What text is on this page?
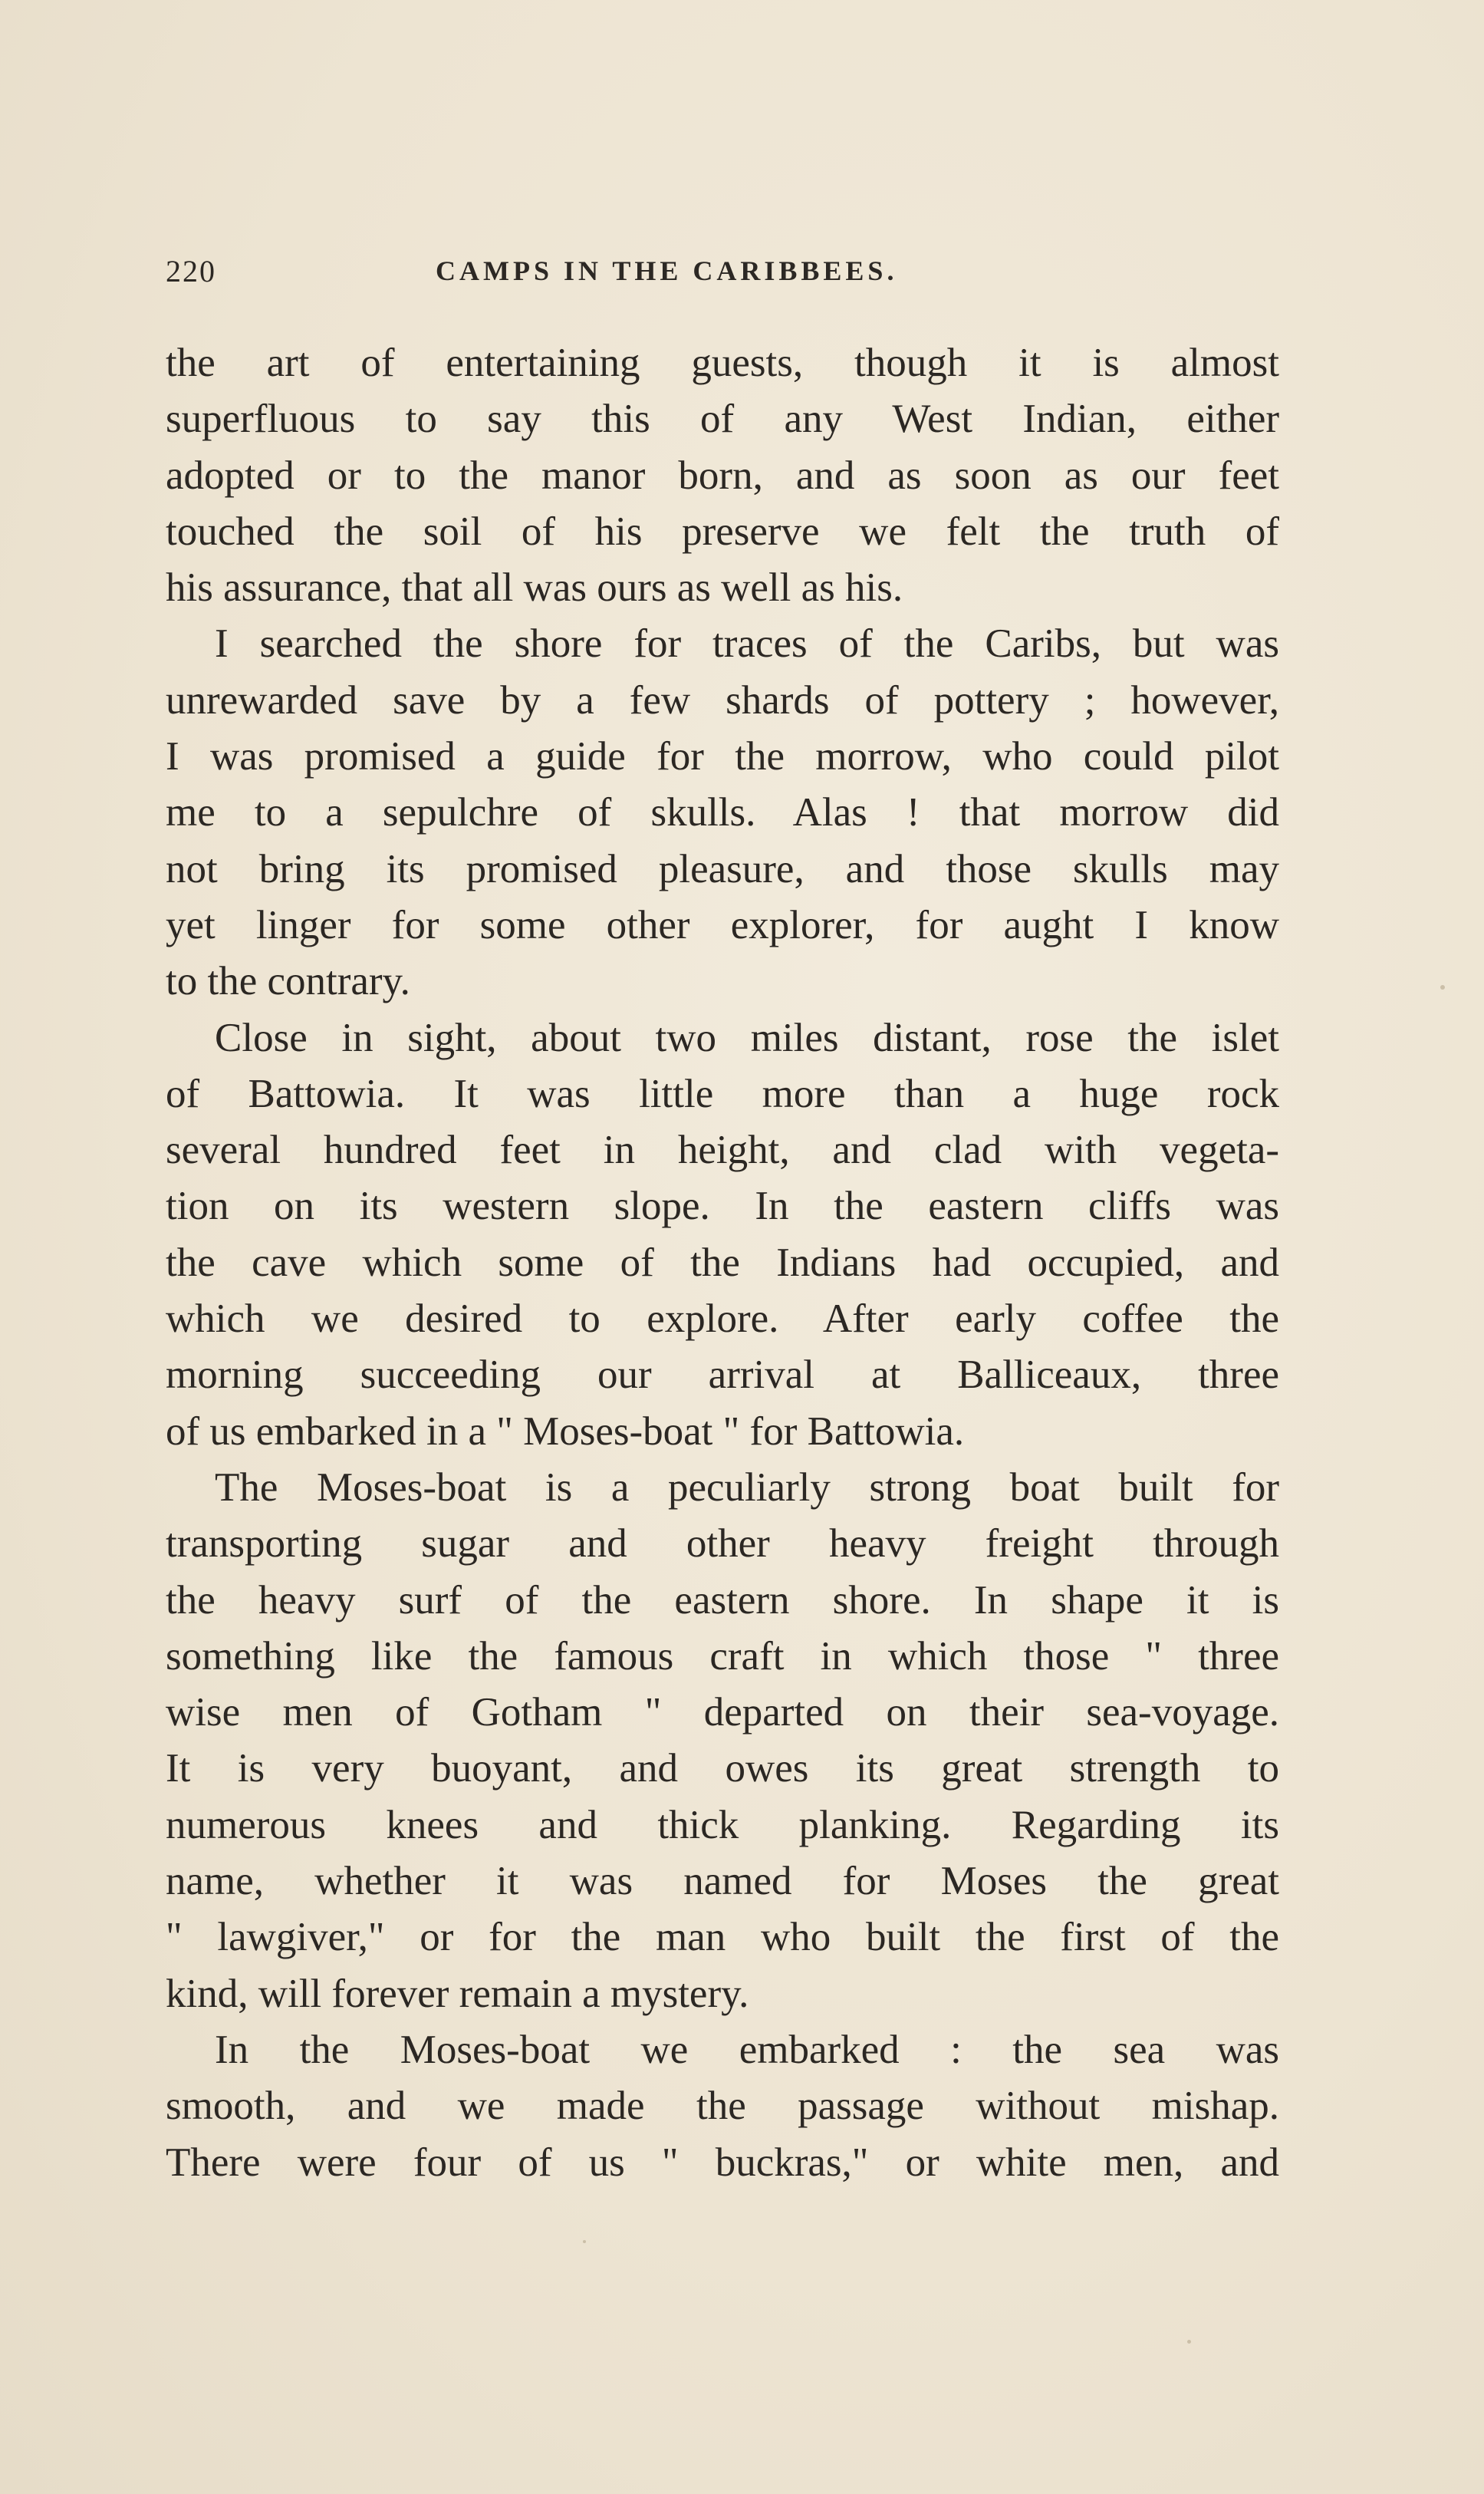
220	CAMPS IN THE CARIBBEES.
the art of entertaining guests, though it is almost
superfluous to say this of any West Indian, either
adopted or to the manor born, and as soon as our feet
touched the soil of his preserve we felt the truth of
his assurance, that all was ours as well as his.
I searched the shore for traces of the Caribs, but was
unrewarded save by a few shards of pottery ; however,
I was promised a guide for the morrow, who could pilot
me to a sepulchre of skulls. Alas ! that morrow did
not bring its promised pleasure, and those skulls may
yet linger for some other explorer, for aught I know
to the contrary.
Close in sight, about two miles distant, rose the islet
of Battowia. It was little more than a huge rock
several hundred feet in height, and clad with vegeta-
tion on its western slope. In the eastern cliffs was
the cave which some of the Indians had occupied, and
which we desired to explore. After early coffee the
morning succeeding our arrival at Balliceaux, three
of us embarked in a " Moses-boat " for Battowia.
The Moses-boat is a peculiarly strong boat built for
transporting sugar and other heavy freight through
the heavy surf of the eastern shore. In shape it is
something like the famous craft in which those " three
wise men of Gotham " departed on their sea-voyage.
It is very buoyant, and owes its great strength to
numerous knees and thick planking. Regarding its
name, whether it was named for Moses the great
" lawgiver," or for the man who built the first of the
kind, will forever remain a mystery.
In the Moses-boat we embarked : the sea was
smooth, and we made the passage without mishap.
There were four of us " buckras," or white men, and
